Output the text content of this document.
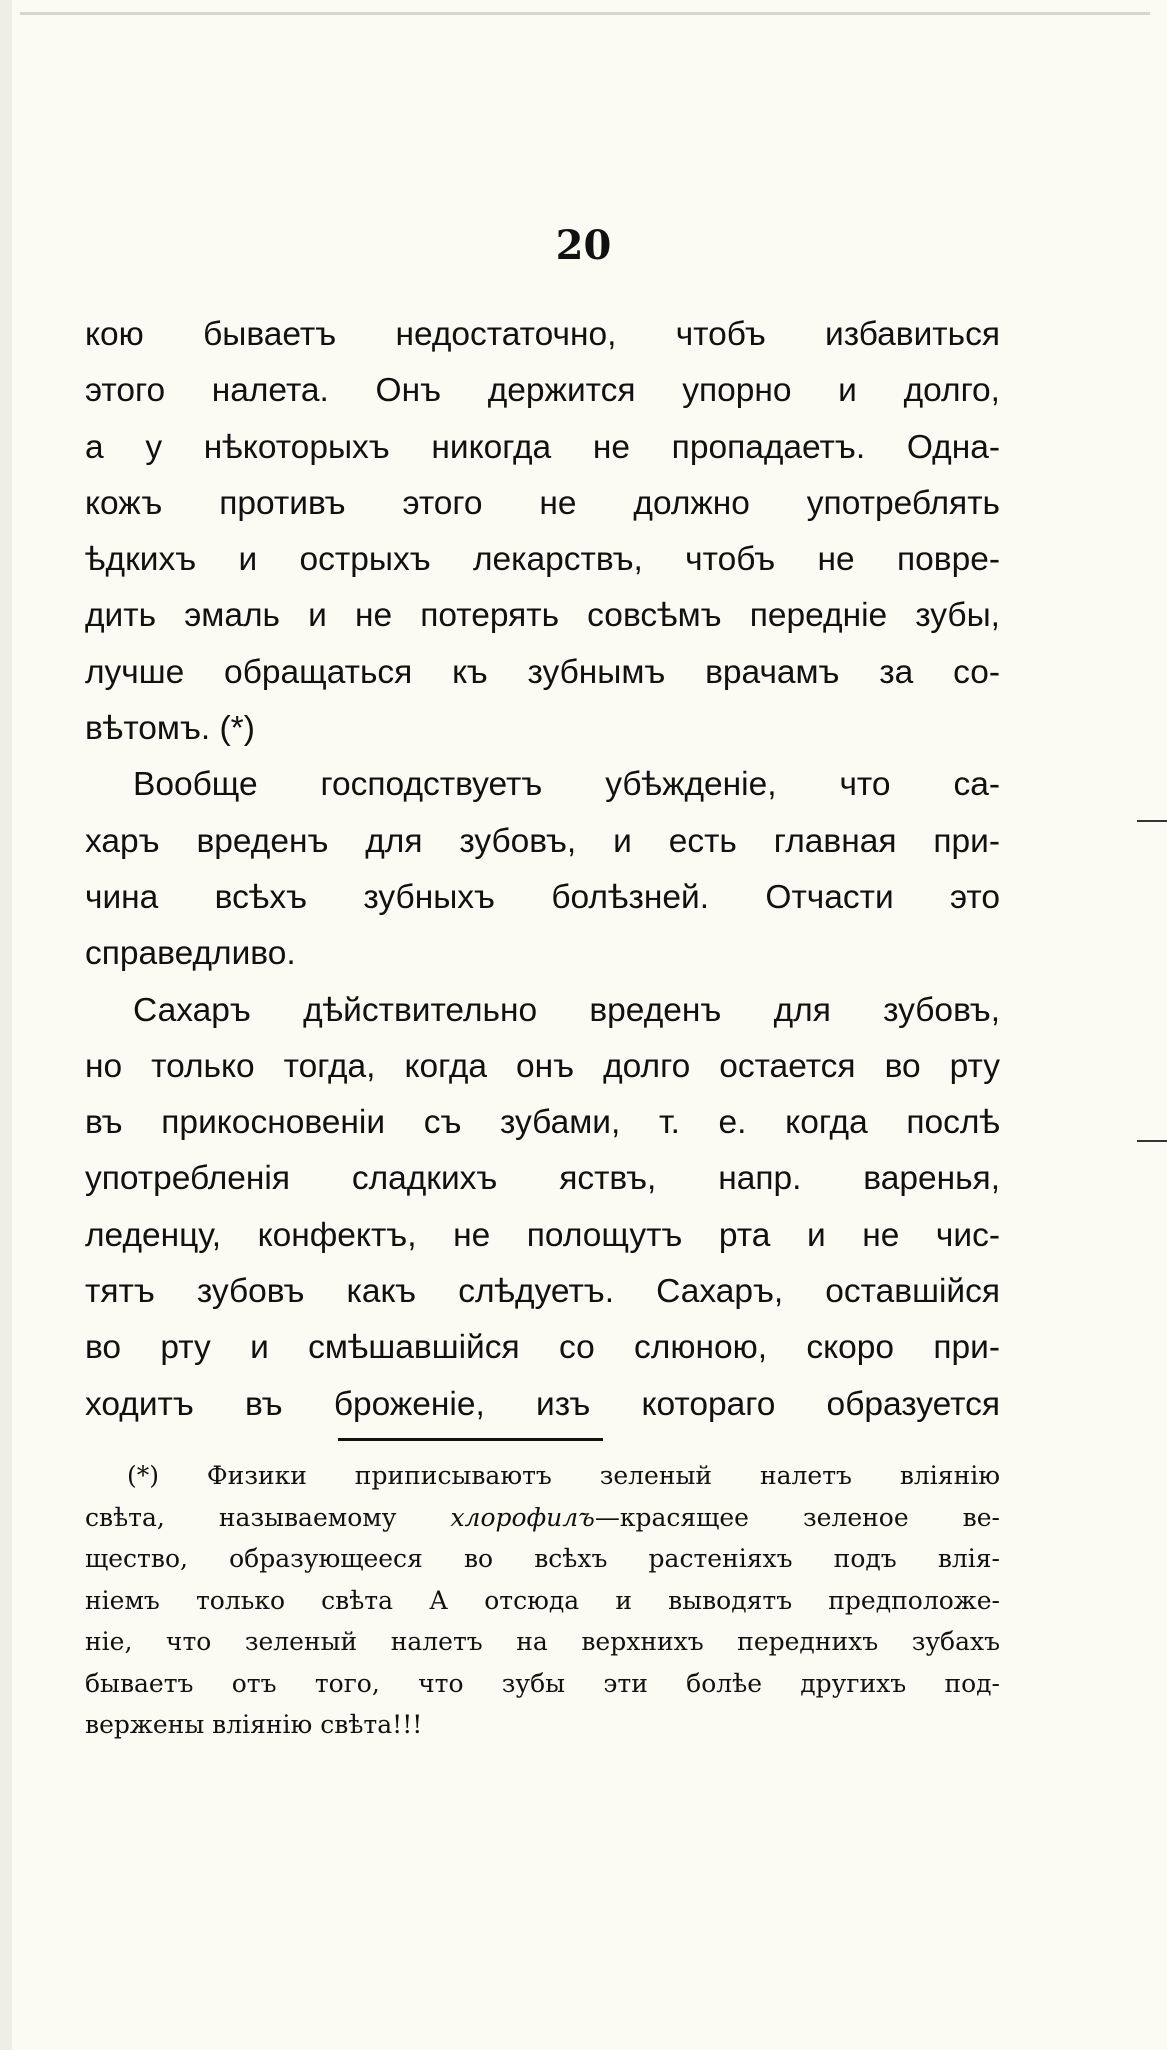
20
кою бываетъ недостаточно, чтобъ избавиться
этого налета. Онъ держится упорно и долго,
а у нѣкоторыхъ никогда не пропадаетъ. Одна-
кожъ противъ этого не должно употреблять
ѣдкихъ и острыхъ лекарствъ, чтобъ не повре-
дить эмаль и не потерять совсѣмъ передніе зубы,
лучше обращаться къ зубнымъ врачамъ за со-
вѣтомъ. (*)
Вообще господствуетъ убѣжденіе, что са-
харъ вреденъ для зубовъ, и есть главная при-
чина всѣхъ зубныхъ болѣзней. Отчасти это
справедливо.
Сахаръ дѣйствительно вреденъ для зубовъ,
но только тогда, когда онъ долго остается во рту
въ прикосновеніи съ зубами, т. е. когда послѣ
употребленія сладкихъ яствъ, напр. варенья,
леденцу, конфектъ, не полощутъ рта и не чис-
тятъ зубовъ какъ слѣдуетъ. Сахаръ, оставшійся
во рту и смѣшавшійся со слюною, скоро при-
ходитъ въ броженіе, изъ котораго образуется
(*) Физики приписываютъ зеленый налетъ вліянію
свѣта, называемому хлорофилъ—красящее зеленое ве-
щество, образующееся во всѣхъ растеніяхъ подъ влія-
ніемъ только свѣта А отсюда и выводятъ предположе-
ніе, что зеленый налетъ на верхнихъ переднихъ зубахъ
бываетъ отъ того, что зубы эти болѣе другихъ под-
вержены вліянію свѣта!!!
